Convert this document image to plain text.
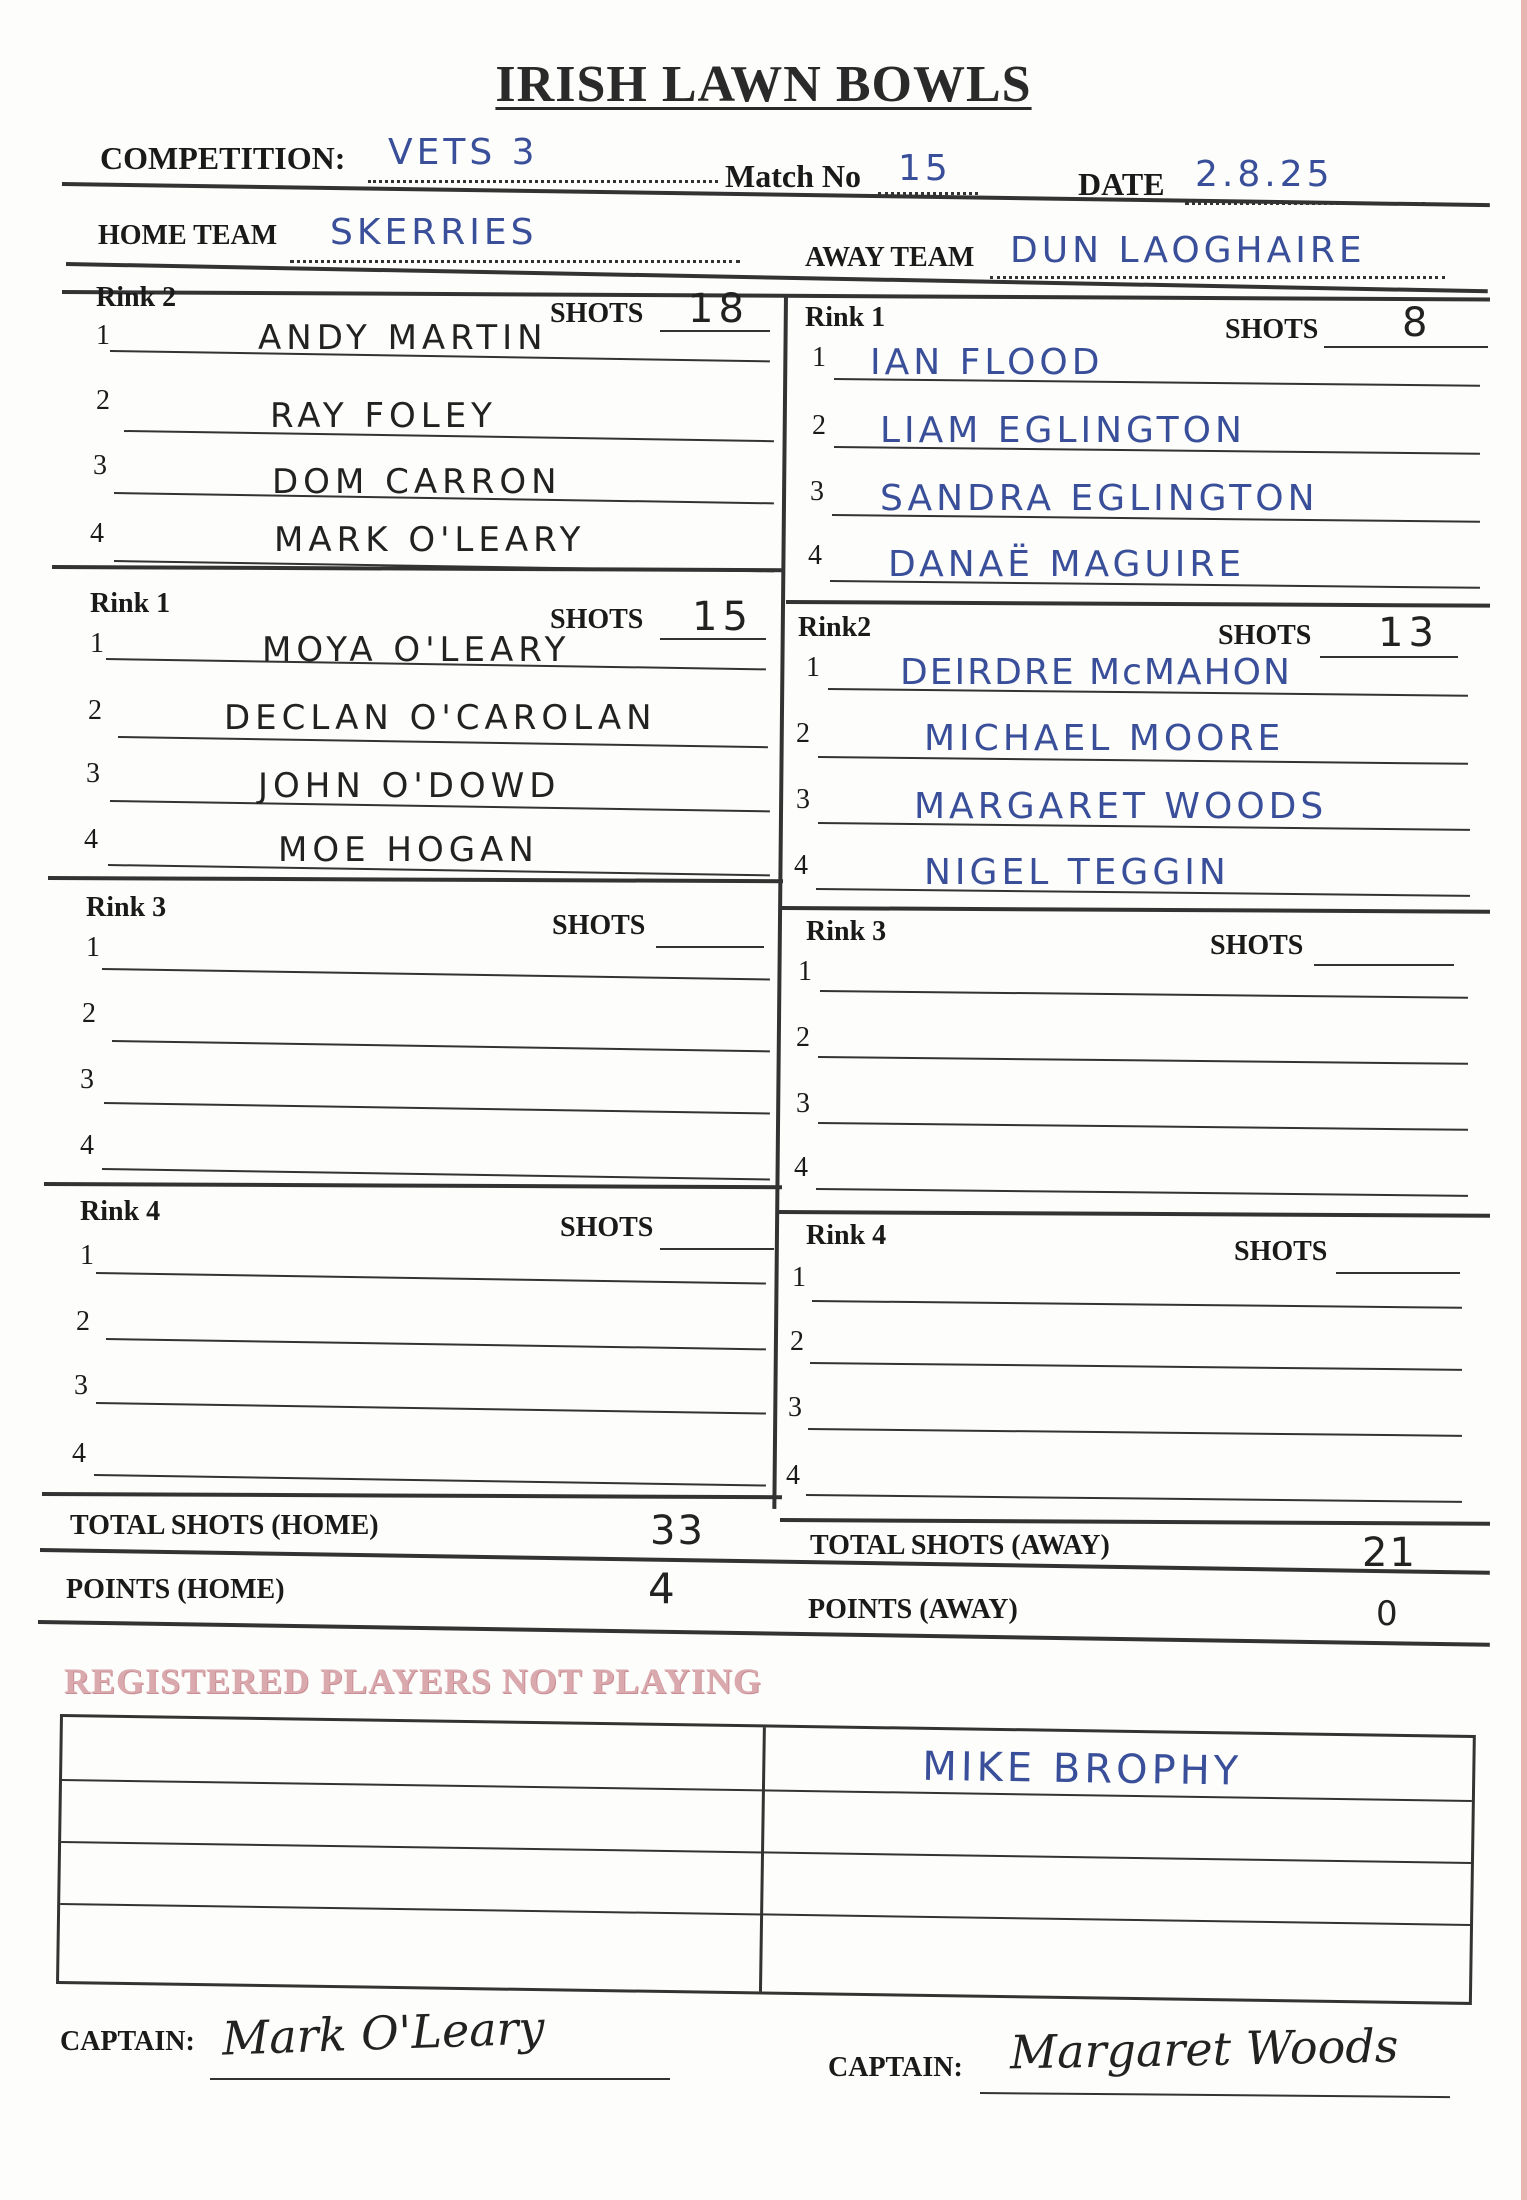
IRISH LAWN BOWLS
COMPETITION: VETS 3
Match No 15	DATE 2.8.25
HOME TEAM SKERRIES
AWAY TEAM DUN LAOGHAIRE
Rink 2
SHOTS 18
1	ANDY MARTIN
2	RAY FOLEY
3	DOM CARRON
4	MARK O'LEARY
Rink 1
SHOTS 15
1	MOYA O'LEARY
2	DECLAN O'CAROLAN
3	JOHN O'DOWD
4	MOE HOGAN
Rink 3
SHOTS
1
2
3
4
Rink 4
SHOTS
1
2
3
4
Rink 1	SHOTS 8
1 IAN FLOOD
2 LIAM EGLINGTON
3 SANDRA EGLINGTON
4 DANAË MAGUIRE
Rink2	SHOTS 13
1 DEIRDRE McMAHON
2	MICHAEL MOORE
3	MARGARET WOODS
4	NIGEL TEGGIN
Rink 3	SHOTS
1
2
3
4
Rink 4
SHOTS
1
2
3
4
TOTAL SHOTS (HOME)	33	TOTAL SHOTS (AWAY)	21
POINTS (HOME)	4	POINTS (AWAY)	0
REGISTERED PLAYERS NOT PLAYING
MIKE BROPHY
CAPTAIN: Mark O'Leary
CAPTAIN: Margaret Woods
